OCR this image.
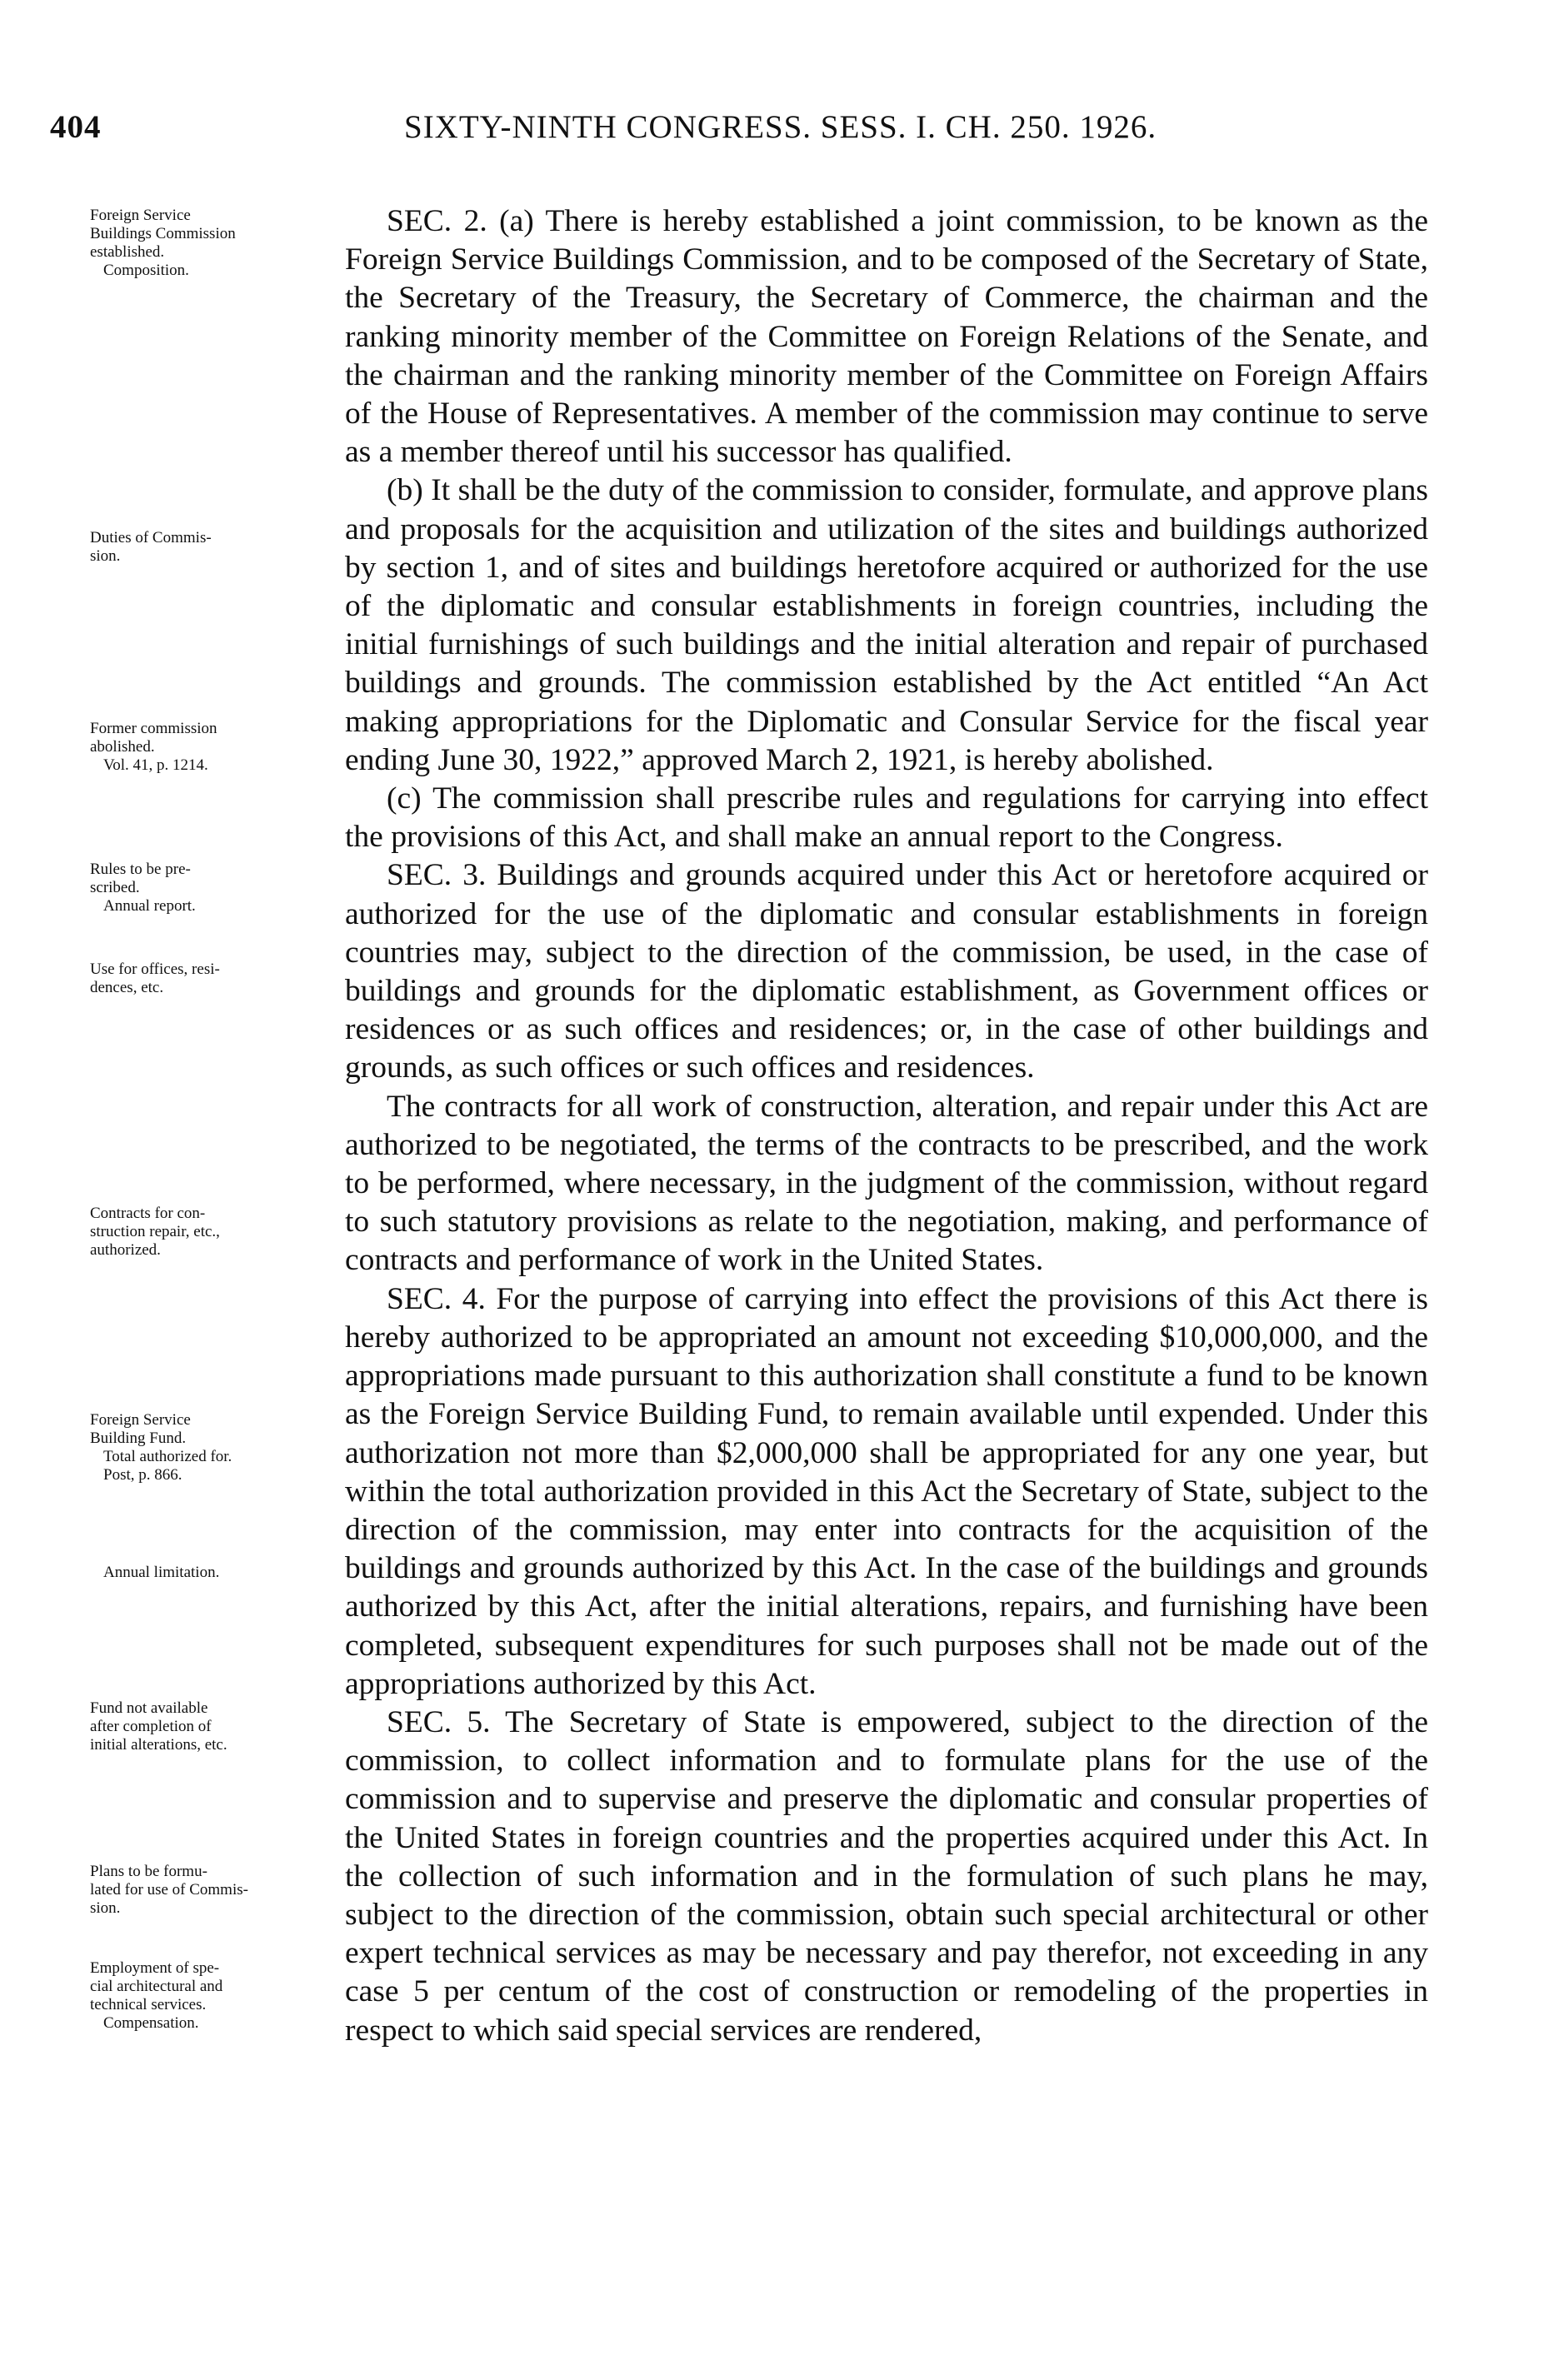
404	SIXTY-NINTH CONGRESS. SESS. I. CH. 250. 1926.
Foreign Service
Buildings Commission
established.
Composition.
Duties of Commis-
sion.
Former commission
abolished.
Vol. 41, p. 1214.
Rules to be pre-
scribed.
Annual report.
Use for offices, resi-
dences, etc.
Contracts for con-
struction repair, etc.,
authorized.
Foreign Service
Building Fund.
Total authorized for.
Post, p. 866.
Annual limitation.
Fund not available
after completion of
initial alterations, etc.
Plans to be formu-
lated for use of Commis-
sion.
Employment of spe-
cial architectural and
technical services.
Compensation.

SEC. 2. (a) There is hereby established a joint commission, to be known as the Foreign Service Buildings Commission, and to be composed of the Secretary of State, the Secretary of the Treasury, the Secretary of Commerce, the chairman and the ranking minority member of the Committee on Foreign Relations of the Senate, and the chairman and the ranking minority member of the Committee on Foreign Affairs of the House of Representatives. A member of the commission may continue to serve as a member thereof until his successor has qualified.

(b) It shall be the duty of the commission to consider, formulate, and approve plans and proposals for the acquisition and utilization of the sites and buildings authorized by section 1, and of sites and buildings heretofore acquired or authorized for the use of the diplomatic and consular establishments in foreign countries, including the initial furnishings of such buildings and the initial alteration and repair of purchased buildings and grounds. The commission established by the Act entitled “An Act making appropriations for the Diplomatic and Consular Service for the fiscal year ending June 30, 1922,” approved March 2, 1921, is hereby abolished.

(c) The commission shall prescribe rules and regulations for carrying into effect the provisions of this Act, and shall make an annual report to the Congress.

SEC. 3. Buildings and grounds acquired under this Act or heretofore acquired or authorized for the use of the diplomatic and consular establishments in foreign countries may, subject to the direction of the commission, be used, in the case of buildings and grounds for the diplomatic establishment, as Government offices or residences or as such offices and residences; or, in the case of other buildings and grounds, as such offices or such offices and residences.

The contracts for all work of construction, alteration, and repair under this Act are authorized to be negotiated, the terms of the contracts to be prescribed, and the work to be performed, where necessary, in the judgment of the commission, without regard to such statutory provisions as relate to the negotiation, making, and performance of contracts and performance of work in the United States.

SEC. 4. For the purpose of carrying into effect the provisions of this Act there is hereby authorized to be appropriated an amount not exceeding $10,000,000, and the appropriations made pursuant to this authorization shall constitute a fund to be known as the Foreign Service Building Fund, to remain available until expended. Under this authorization not more than $2,000,000 shall be appropriated for any one year, but within the total authorization provided in this Act the Secretary of State, subject to the direction of the commission, may enter into contracts for the acquisition of the buildings and grounds authorized by this Act. In the case of the buildings and grounds authorized by this Act, after the initial alterations, repairs, and furnishing have been completed, subsequent expenditures for such purposes shall not be made out of the appropriations authorized by this Act.

SEC. 5. The Secretary of State is empowered, subject to the direction of the commission, to collect information and to formulate plans for the use of the commission and to supervise and preserve the diplomatic and consular properties of the United States in foreign countries and the properties acquired under this Act. In the collection of such information and in the formulation of such plans he may, subject to the direction of the commission, obtain such special architectural or other expert technical services as may be necessary and pay therefor, not exceeding in any case 5 per centum of the cost of construction or remodeling of the properties in respect to which said special services are rendered,
